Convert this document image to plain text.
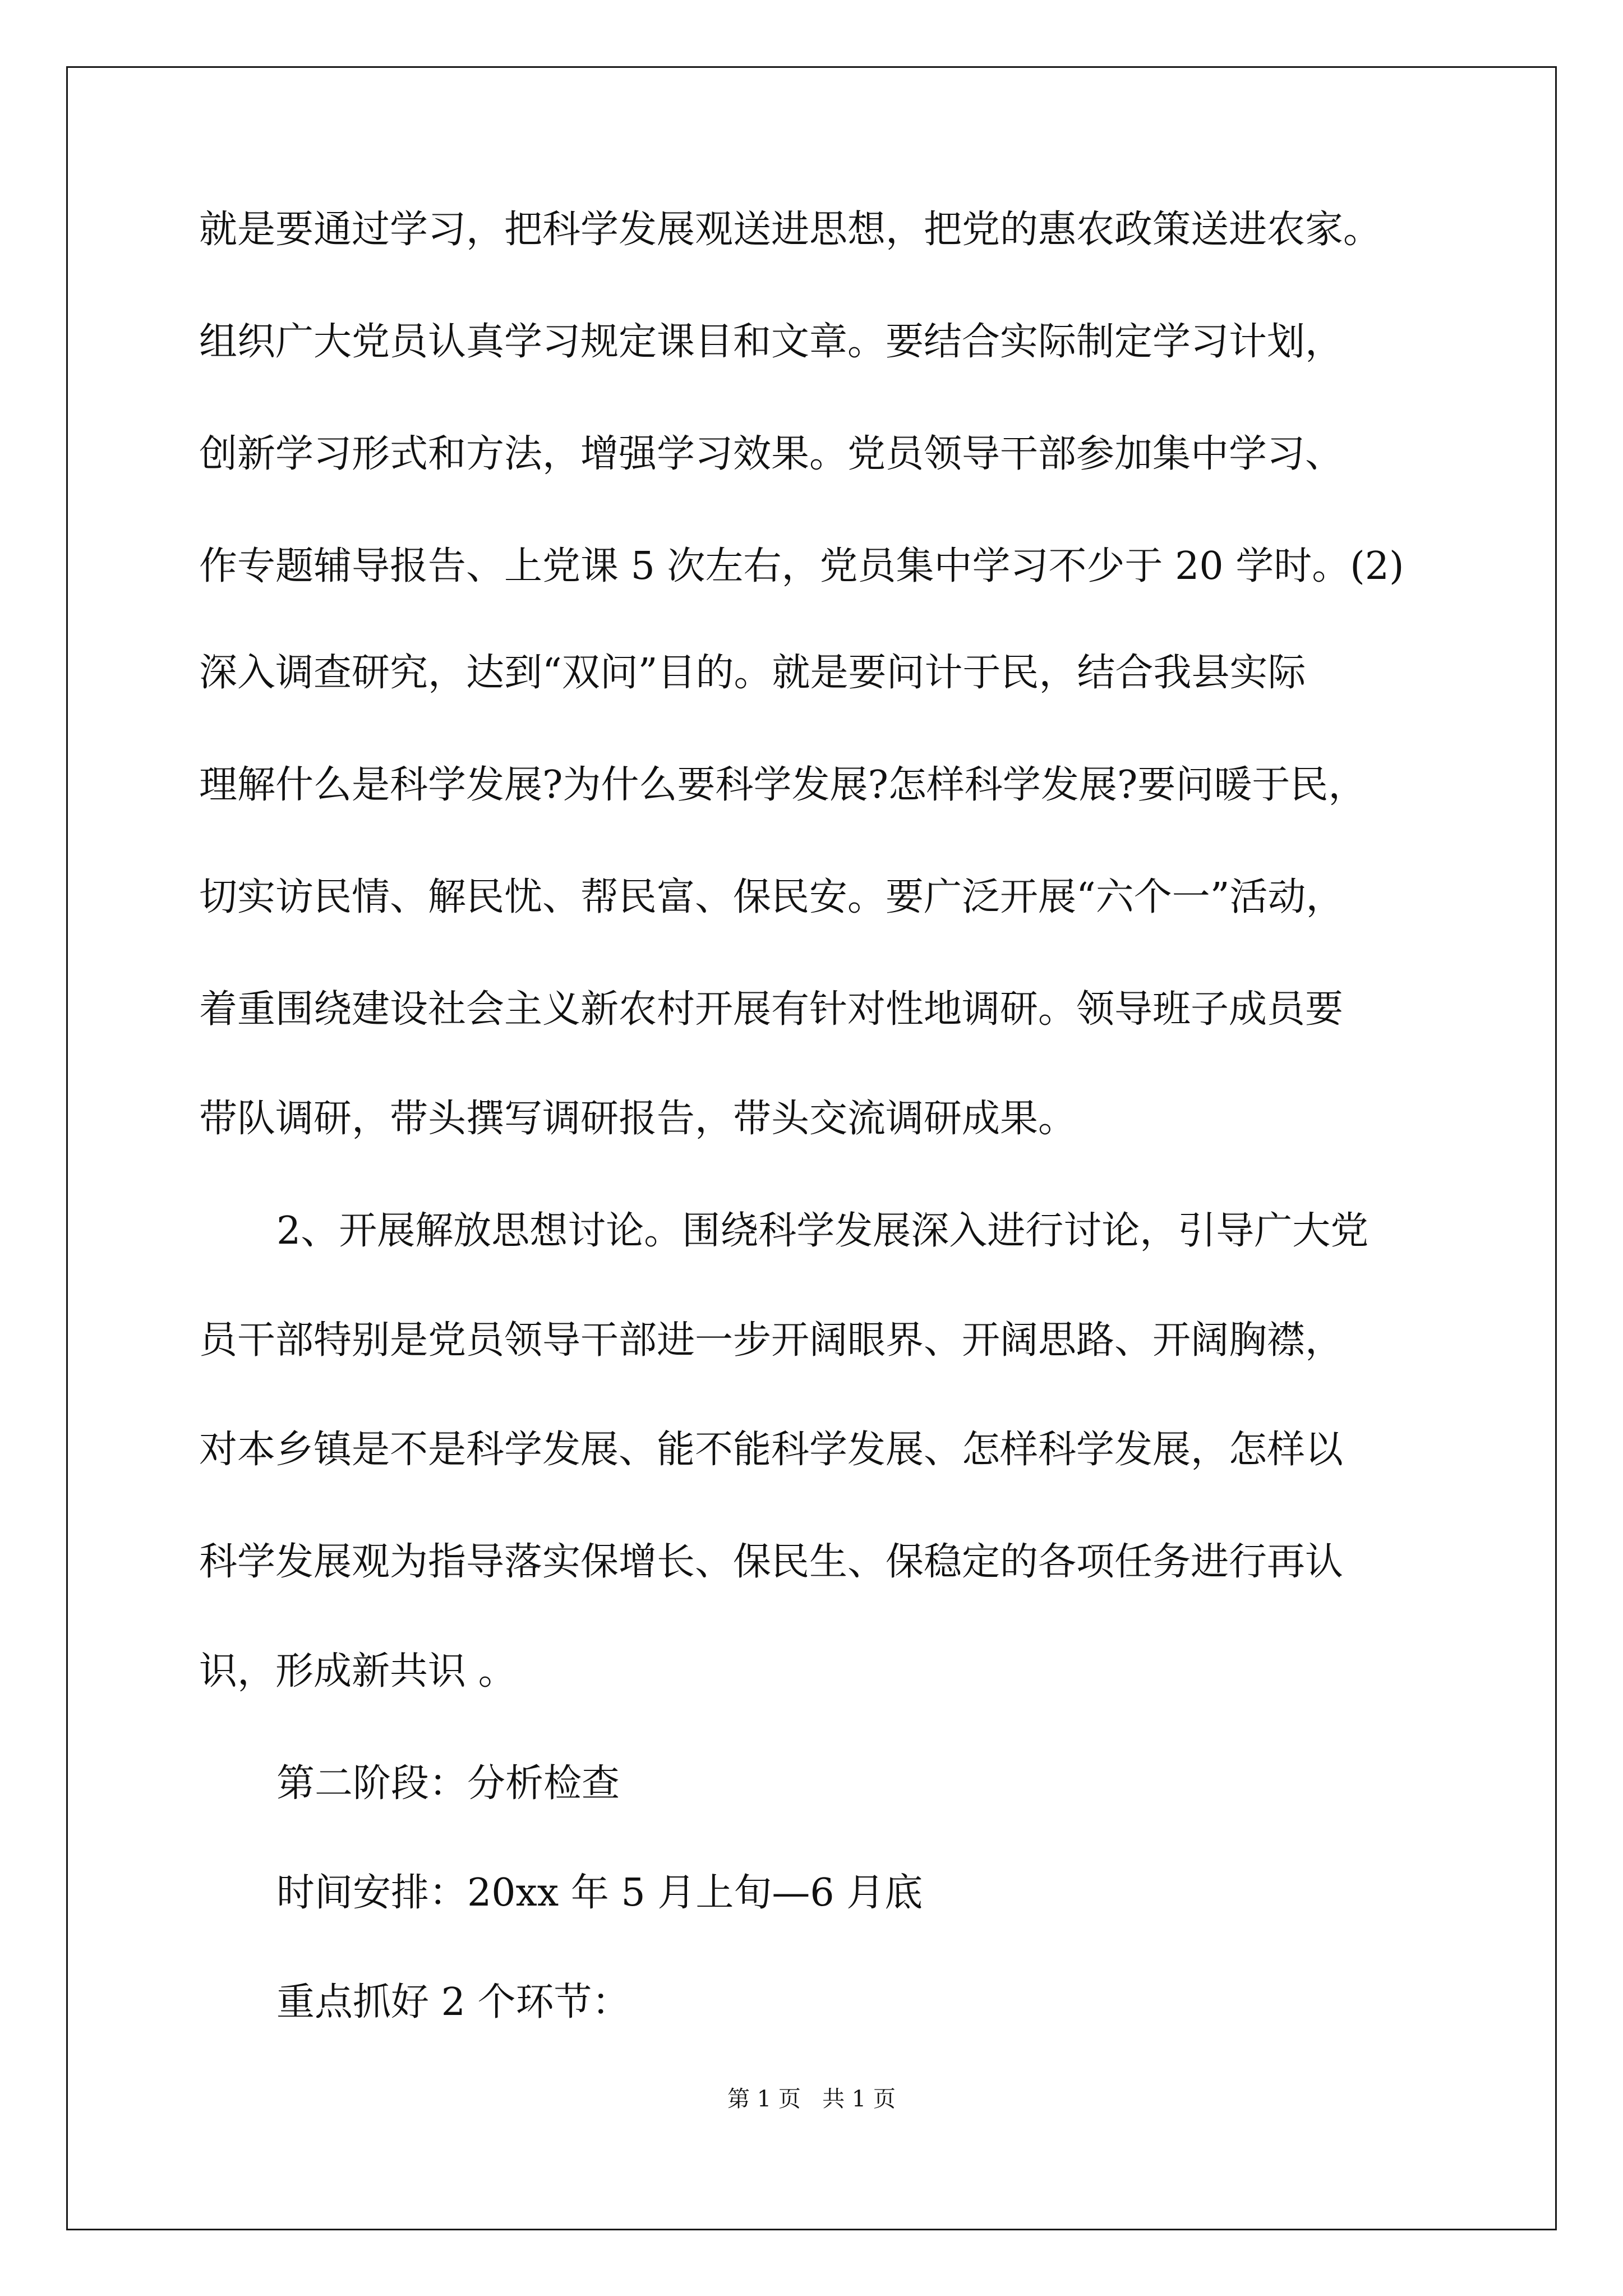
就是要通过学习，把科学发展观送进思想，把党的惠农政策送进农家。

组织广大党员认真学习规定课目和文章。要结合实际制定学习计划，

创新学习形式和方法，增强学习效果。党员领导干部参加集中学习、

作专题辅导报告、上党课 5 次左右，党员集中学习不少于 20 学时。(2)

深入调查研究，达到“双问”目的。就是要问计于民，结合我县实际

理解什么是科学发展?为什么要科学发展?怎样科学发展?要问暖于民，

切实访民情、解民忧、帮民富、保民安。要广泛开展“六个一”活动，

着重围绕建设社会主义新农村开展有针对性地调研。领导班子成员要

带队调研，带头撰写调研报告，带头交流调研成果。

2、开展解放思想讨论。围绕科学发展深入进行讨论，引导广大党

员干部特别是党员领导干部进一步开阔眼界、开阔思路、开阔胸襟，

对本乡镇是不是科学发展、能不能科学发展、怎样科学发展，怎样以

科学发展观为指导落实保增长、保民生、保稳定的各项任务进行再认

识，形成新共识 。

第二阶段：分析检查

时间安排：20xx 年 5 月上旬—6 月底

重点抓好 2 个环节：

第 1 页   共 1 页
